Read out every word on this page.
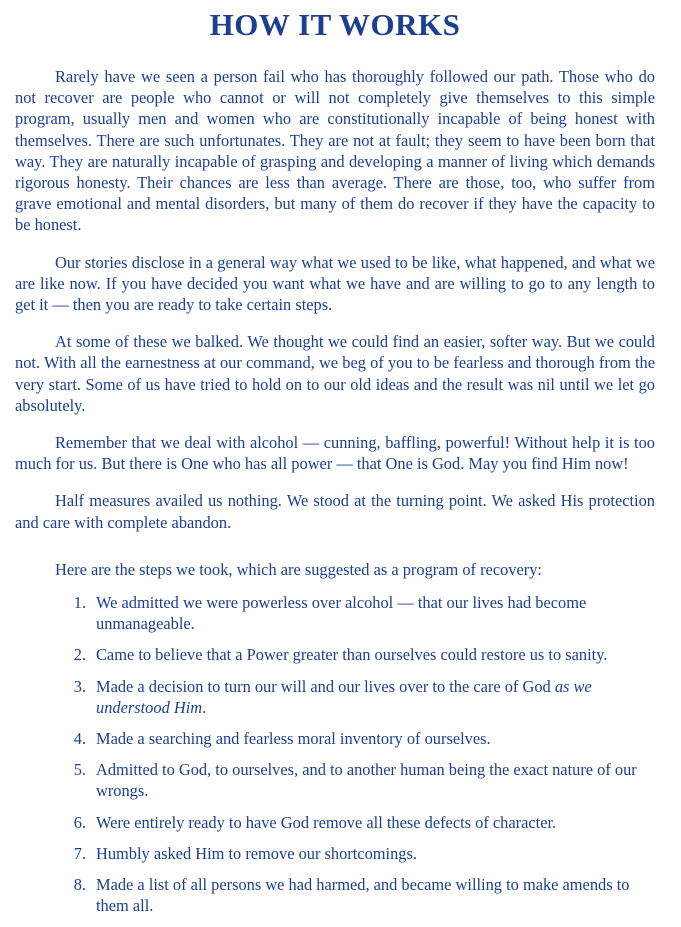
HOW IT WORKS

Rarely have we seen a person fail who has thoroughly followed our path. Those who do not recover are people who cannot or will not completely give themselves to this simple program, usually men and women who are constitutionally incapable of being honest with themselves. There are such unfortunates. They are not at fault; they seem to have been born that way. They are naturally incapable of grasping and developing a manner of living which demands rigorous honesty. Their chances are less than average. There are those, too, who suffer from grave emotional and mental disorders, but many of them do recover if they have the capacity to be honest.

Our stories disclose in a general way what we used to be like, what happened, and what we are like now. If you have decided you want what we have and are willing to go to any length to get it — then you are ready to take certain steps.

At some of these we balked. We thought we could find an easier, softer way. But we could not. With all the earnestness at our command, we beg of you to be fearless and thorough from the very start. Some of us have tried to hold on to our old ideas and the result was nil until we let go absolutely.

Remember that we deal with alcohol — cunning, baffling, powerful! Without help it is too much for us. But there is One who has all power — that One is God. May you find Him now!

Half measures availed us nothing. We stood at the turning point. We asked His protection and care with complete abandon.

Here are the steps we took, which are suggested as a program of recovery:

1. We admitted we were powerless over alcohol — that our lives had become unmanageable.
2. Came to believe that a Power greater than ourselves could restore us to sanity.
3. Made a decision to turn our will and our lives over to the care of God as we understood Him.
4. Made a searching and fearless moral inventory of ourselves.
5. Admitted to God, to ourselves, and to another human being the exact nature of our wrongs.
6. Were entirely ready to have God remove all these defects of character.
7. Humbly asked Him to remove our shortcomings.
8. Made a list of all persons we had harmed, and became willing to make amends to them all.
